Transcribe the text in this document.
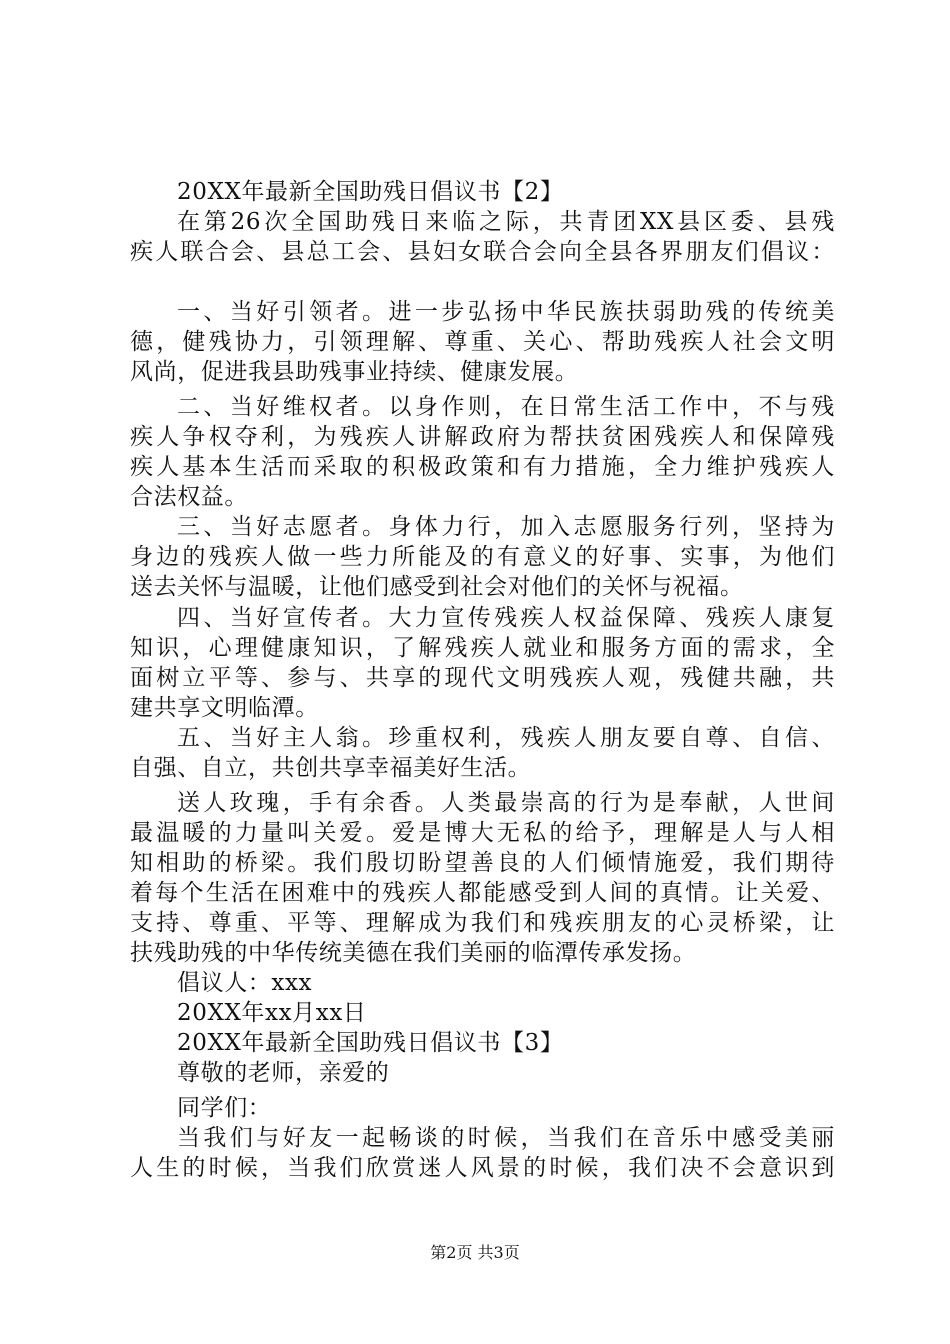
20XX年最新全国助残日倡议书【2】
在第26次全国助残日来临之际，共青团XX县区委、县残
疾人联合会、县总工会、县妇女联合会向全县各界朋友们倡议：
一、当好引领者。进一步弘扬中华民族扶弱助残的传统美
德，健残协力，引领理解、尊重、关心、帮助残疾人社会文明
风尚，促进我县助残事业持续、健康发展。
二、当好维权者。以身作则，在日常生活工作中，不与残
疾人争权夺利，为残疾人讲解政府为帮扶贫困残疾人和保障残
疾人基本生活而采取的积极政策和有力措施，全力维护残疾人
合法权益。
三、当好志愿者。身体力行，加入志愿服务行列，坚持为
身边的残疾人做一些力所能及的有意义的好事、实事，为他们
送去关怀与温暖，让他们感受到社会对他们的关怀与祝福。
四、当好宣传者。大力宣传残疾人权益保障、残疾人康复
知识，心理健康知识，了解残疾人就业和服务方面的需求，全
面树立平等、参与、共享的现代文明残疾人观，残健共融，共
建共享文明临潭。
五、当好主人翁。珍重权利，残疾人朋友要自尊、自信、
自强、自立，共创共享幸福美好生活。
送人玫瑰，手有余香。人类最崇高的行为是奉献，人世间
最温暖的力量叫关爱。爱是博大无私的给予，理解是人与人相
知相助的桥梁。我们殷切盼望善良的人们倾情施爱，我们期待
着每个生活在困难中的残疾人都能感受到人间的真情。让关爱、
支持、尊重、平等、理解成为我们和残疾朋友的心灵桥梁，让
扶残助残的中华传统美德在我们美丽的临潭传承发扬。
倡议人：xxx
20XX年xx月xx日
20XX年最新全国助残日倡议书【3】
尊敬的老师，亲爱的
同学们：
当我们与好友一起畅谈的时候，当我们在音乐中感受美丽
人生的时候，当我们欣赏迷人风景的时候，我们决不会意识到
第2页 共3页
